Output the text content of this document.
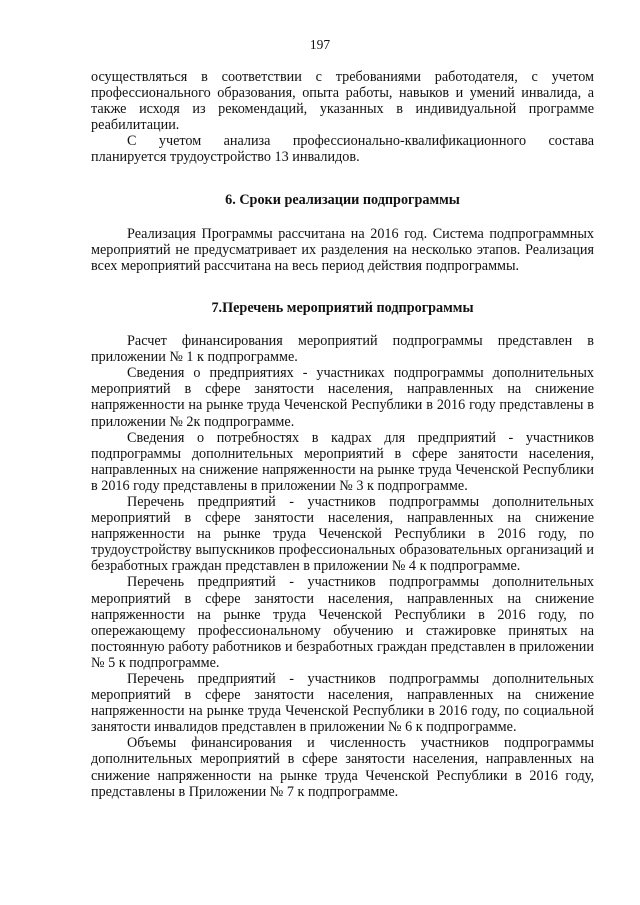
197

осуществляться в соответствии с требованиями работодателя, с учетом профессионального образования, опыта работы, навыков и умений инвалида, а также исходя из рекомендаций, указанных в индивидуальной программе реабилитации.

С учетом анализа профессионально-квалификационного состава планируется трудоустройство 13 инвалидов.

6. Сроки реализации подпрограммы

Реализация Программы рассчитана на 2016 год. Система подпрограммных мероприятий не предусматривает их разделения на несколько этапов. Реализация всех мероприятий рассчитана на весь период действия подпрограммы.

7.Перечень мероприятий подпрограммы

Расчет финансирования мероприятий подпрограммы представлен в приложении № 1 к подпрограмме.

Сведения о предприятиях - участниках подпрограммы дополнительных мероприятий в сфере занятости населения, направленных на снижение напряженности на рынке труда Чеченской Республики в 2016 году представлены в приложении № 2к подпрограмме.

Сведения о потребностях в кадрах для предприятий - участников подпрограммы дополнительных мероприятий в сфере занятости населения, направленных на снижение напряженности на рынке труда Чеченской Республики в 2016 году представлены в приложении № 3 к подпрограмме.

Перечень предприятий - участников подпрограммы дополнительных мероприятий в сфере занятости населения, направленных на снижение напряженности на рынке труда Чеченской Республики в 2016 году, по трудоустройству выпускников профессиональных образовательных организаций и безработных граждан представлен в приложении № 4 к подпрограмме.

Перечень предприятий - участников подпрограммы дополнительных мероприятий в сфере занятости населения, направленных на снижение напряженности на рынке труда Чеченской Республики в 2016 году, по опережающему профессиональному обучению и стажировке принятых на постоянную работу работников и безработных граждан представлен в приложении № 5 к подпрограмме.

Перечень предприятий - участников подпрограммы дополнительных мероприятий в сфере занятости населения, направленных на снижение напряженности на рынке труда Чеченской Республики в 2016 году, по социальной занятости инвалидов представлен в приложении № 6 к подпрограмме.

Объемы финансирования и численность участников подпрограммы дополнительных мероприятий в сфере занятости населения, направленных на снижение напряженности на рынке труда Чеченской Республики в 2016 году, представлены в Приложении № 7 к подпрограмме.
